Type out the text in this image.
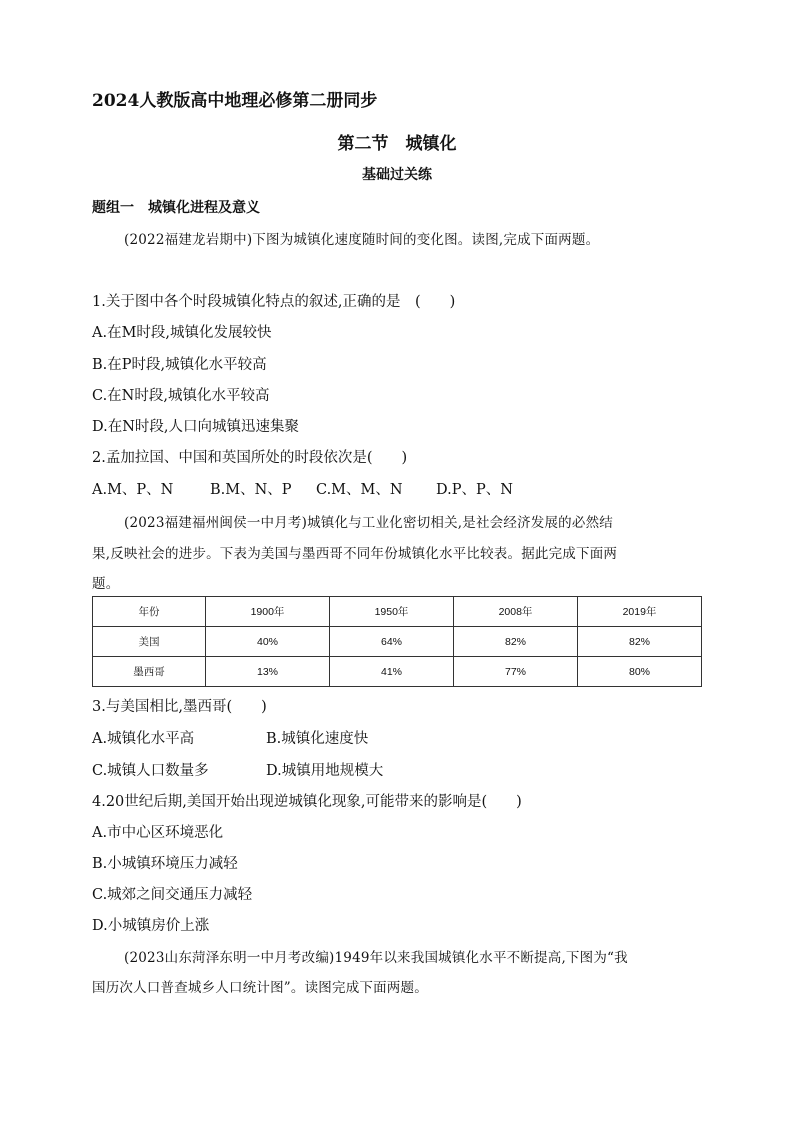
2024人教版高中地理必修第二册同步
第二节　城镇化
基础过关练
题组一　城镇化进程及意义
(2022福建龙岩期中)下图为城镇化速度随时间的变化图。读图,完成下面两题。
1.关于图中各个时段城镇化特点的叙述,正确的是　(　　)
A.在M时段,城镇化发展较快
B.在P时段,城镇化水平较高
C.在N时段,城镇化水平较高
D.在N时段,人口向城镇迅速集聚
2.孟加拉国、中国和英国所处的时段依次是(　　)
A.M、P、N	B.M、N、P C.M、M、N D.P、P、N
(2023福建福州闽侯一中月考)城镇化与工业化密切相关,是社会经济发展的必然结
果,反映社会的进步。下表为美国与墨西哥不同年份城镇化水平比较表。据此完成下面两
题。
年份	1900年	1950年	2008年	2019年
美国	40%	64%	82%	82%
墨西哥	13%	41%	77%	80%
3.与美国相比,墨西哥(　　)
A.城镇化水平高	B.城镇化速度快
C.城镇人口数量多	D.城镇用地规模大
4.20世纪后期,美国开始出现逆城镇化现象,可能带来的影响是(　　)
A.市中心区环境恶化
B.小城镇环境压力减轻
C.城郊之间交通压力减轻
D.小城镇房价上涨
(2023山东菏泽东明一中月考改编)1949年以来我国城镇化水平不断提高,下图为“我
国历次人口普查城乡人口统计图”。读图完成下面两题。
